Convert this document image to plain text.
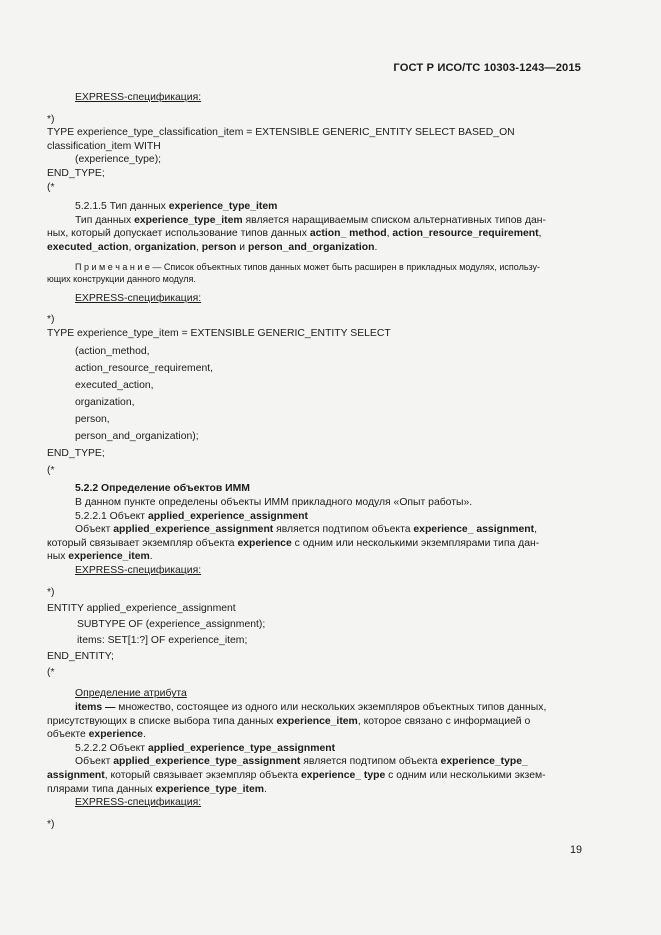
ГОСТ Р ИСО/ТС 10303-1243—2015
EXPRESS-спецификация:
*)
TYPE experience_type_classification_item = EXTENSIBLE GENERIC_ENTITY SELECT BASED_ON
classification_item WITH
(experience_type);
END_TYPE;
(*
5.2.1.5 Тип данных experience_type_item
Тип данных experience_type_item является наращиваемым списком альтернативных типов дан-
ных, который допускает использование типов данных action_ method, action_resource_requirement,
executed_action, organization, person и person_and_organization.
П р и м е ч а н и е — Список объектных типов данных может быть расширен в прикладных модулях, использу-
ющих конструкции данного модуля.
EXPRESS-спецификация:
*)
TYPE experience_type_item = EXTENSIBLE GENERIC_ENTITY SELECT
(action_method,
action_resource_requirement,
executed_action,
organization,
person,
person_and_organization);
END_TYPE;
(*
5.2.2 Определение объектов ИММ
В данном пункте определены объекты ИММ прикладного модуля «Опыт работы».
5.2.2.1 Объект applied_experience_assignment
Объект applied_experience_assignment является подтипом объекта experience_ assignment,
который связывает экземпляр объекта experience с одним или несколькими экземплярами типа дан-
ных experience_item.
EXPRESS-спецификация:
*)
ENTITY applied_experience_assignment
SUBTYPE OF (experience_assignment);
items: SET[1:?] OF experience_item;
END_ENTITY;
(*
Определение атрибута
items — множество, состоящее из одного или нескольких экземпляров объектных типов данных,
присутствующих в списке выбора типа данных experience_item, которое связано с информацией о
объекте experience.
5.2.2.2 Объект applied_experience_type_assignment
Объект applied_experience_type_assignment является подтипом объекта experience_type_
assignment, который связывает экземпляр объекта experience_ type с одним или несколькими экзем-
плярами типа данных experience_type_item.
EXPRESS-спецификация:
*)
19
